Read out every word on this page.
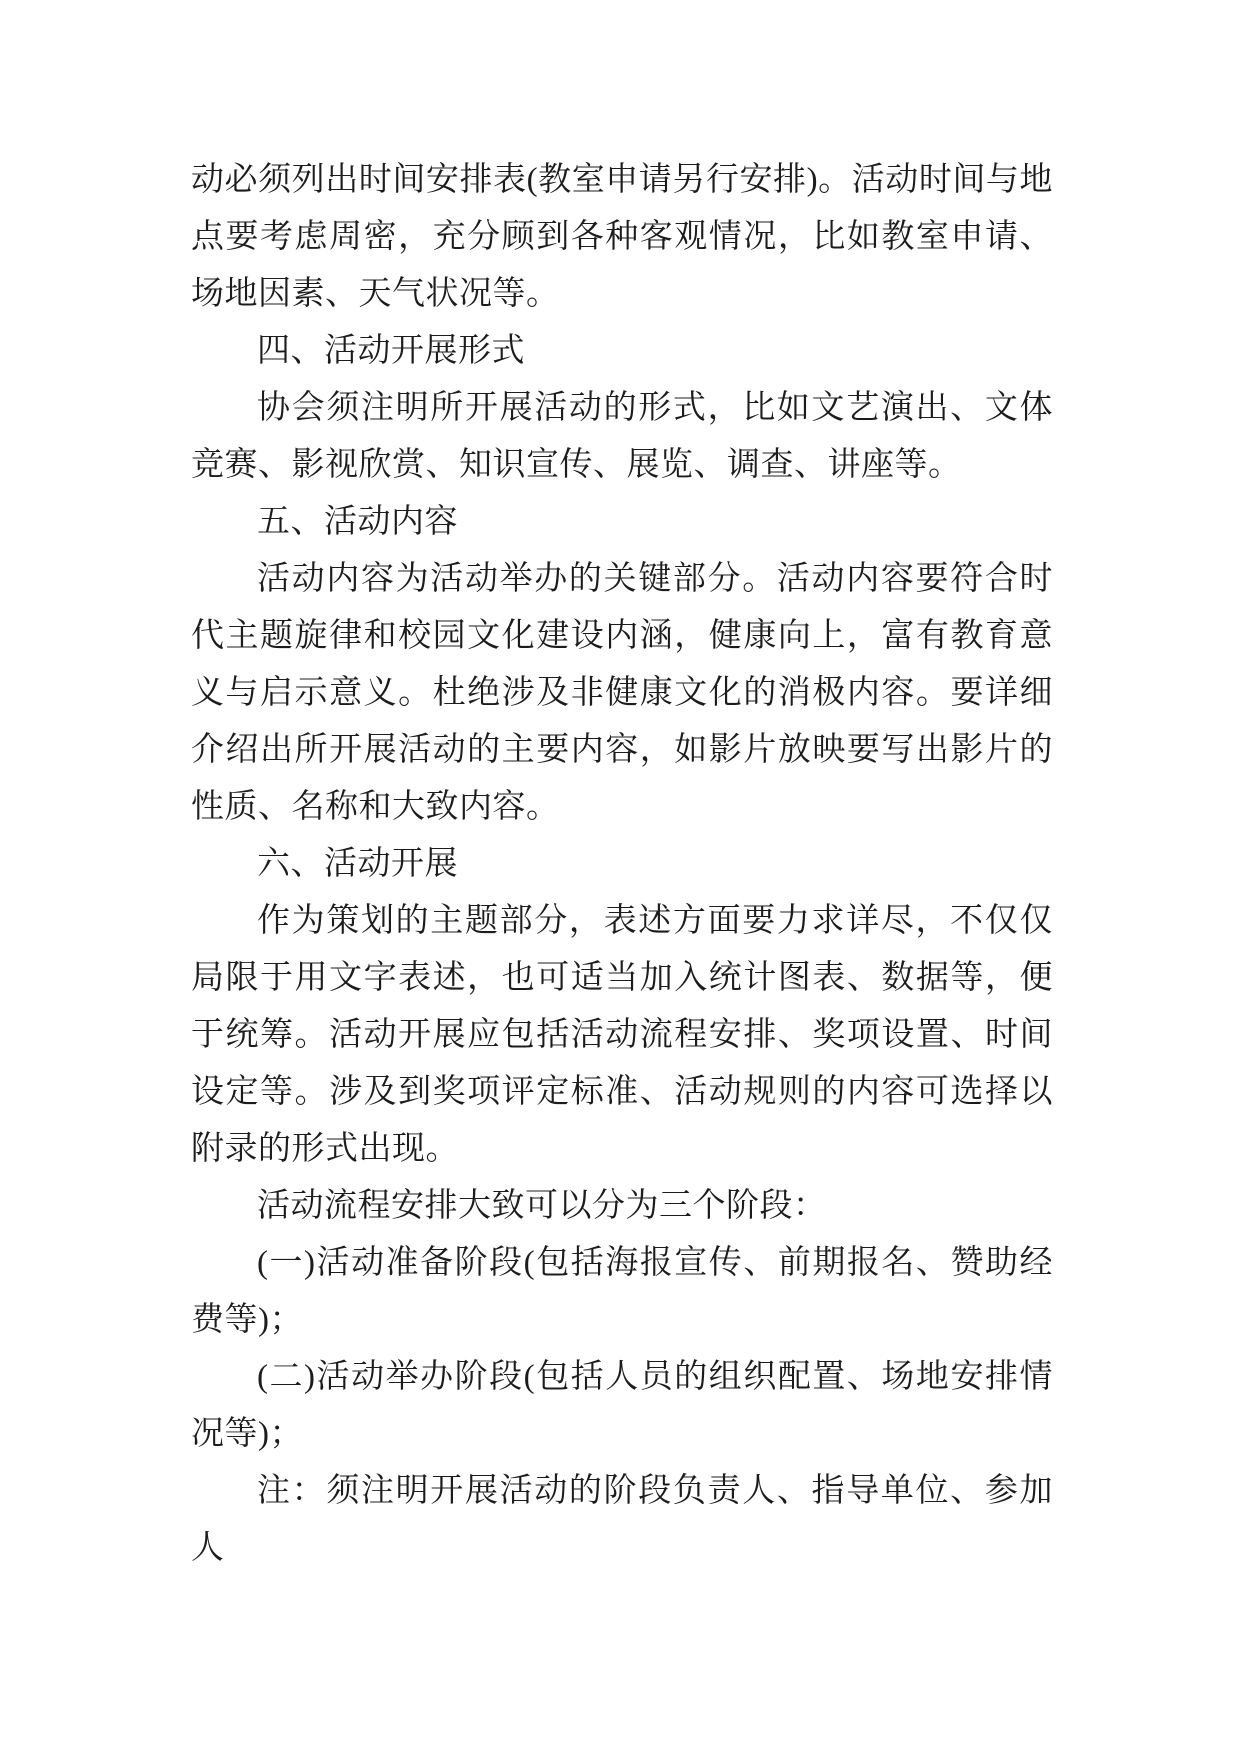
动必须列出时间安排表(教室申请另行安排)。活动时间与地点要考虑周密，充分顾到各种客观情况，比如教室申请、场地因素、天气状况等。

四、活动开展形式

协会须注明所开展活动的形式，比如文艺演出、文体竞赛、影视欣赏、知识宣传、展览、调查、讲座等。

五、活动内容

活动内容为活动举办的关键部分。活动内容要符合时代主题旋律和校园文化建设内涵，健康向上，富有教育意义与启示意义。杜绝涉及非健康文化的消极内容。要详细介绍出所开展活动的主要内容，如影片放映要写出影片的性质、名称和大致内容。

六、活动开展

作为策划的主题部分，表述方面要力求详尽，不仅仅局限于用文字表述，也可适当加入统计图表、数据等，便于统筹。活动开展应包括活动流程安排、奖项设置、时间设定等。涉及到奖项评定标准、活动规则的内容可选择以附录的形式出现。

活动流程安排大致可以分为三个阶段：

(一)活动准备阶段(包括海报宣传、前期报名、赞助经费等)；

(二)活动举办阶段(包括人员的组织配置、场地安排情况等)；

注：须注明开展活动的阶段负责人、指导单位、参加人
